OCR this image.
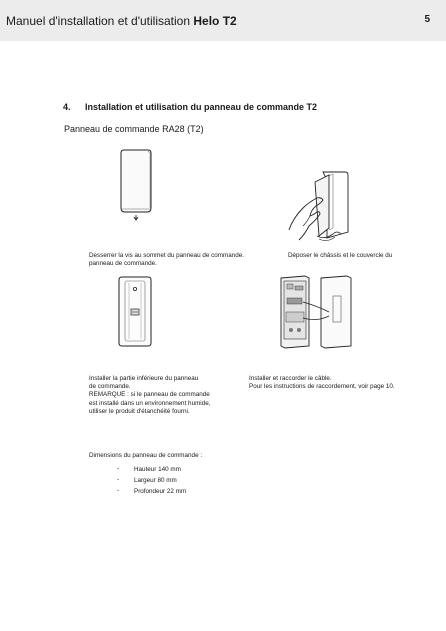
Manuel d'installation et d'utilisation Helo T2	5
4. Installation et utilisation du panneau de commande T2
Panneau de commande RA28 (T2)
Desserrer la vis au sommet du panneau de commande.
panneau de commande.
Déposer le châssis et le couvercle du
Installer la partie inférieure du panneau
de commande.
REMARQUE : si le panneau de commande
est installé dans un environnement humide,
utiliser le produit d'étanchéité fourni.
Installer et raccorder le câble.
Pour les instructions de raccordement, voir page 10.
Dimensions du panneau de commande :
- Hauteur 140 mm
- Largeur 80 mm
- Profondeur 22 mm
